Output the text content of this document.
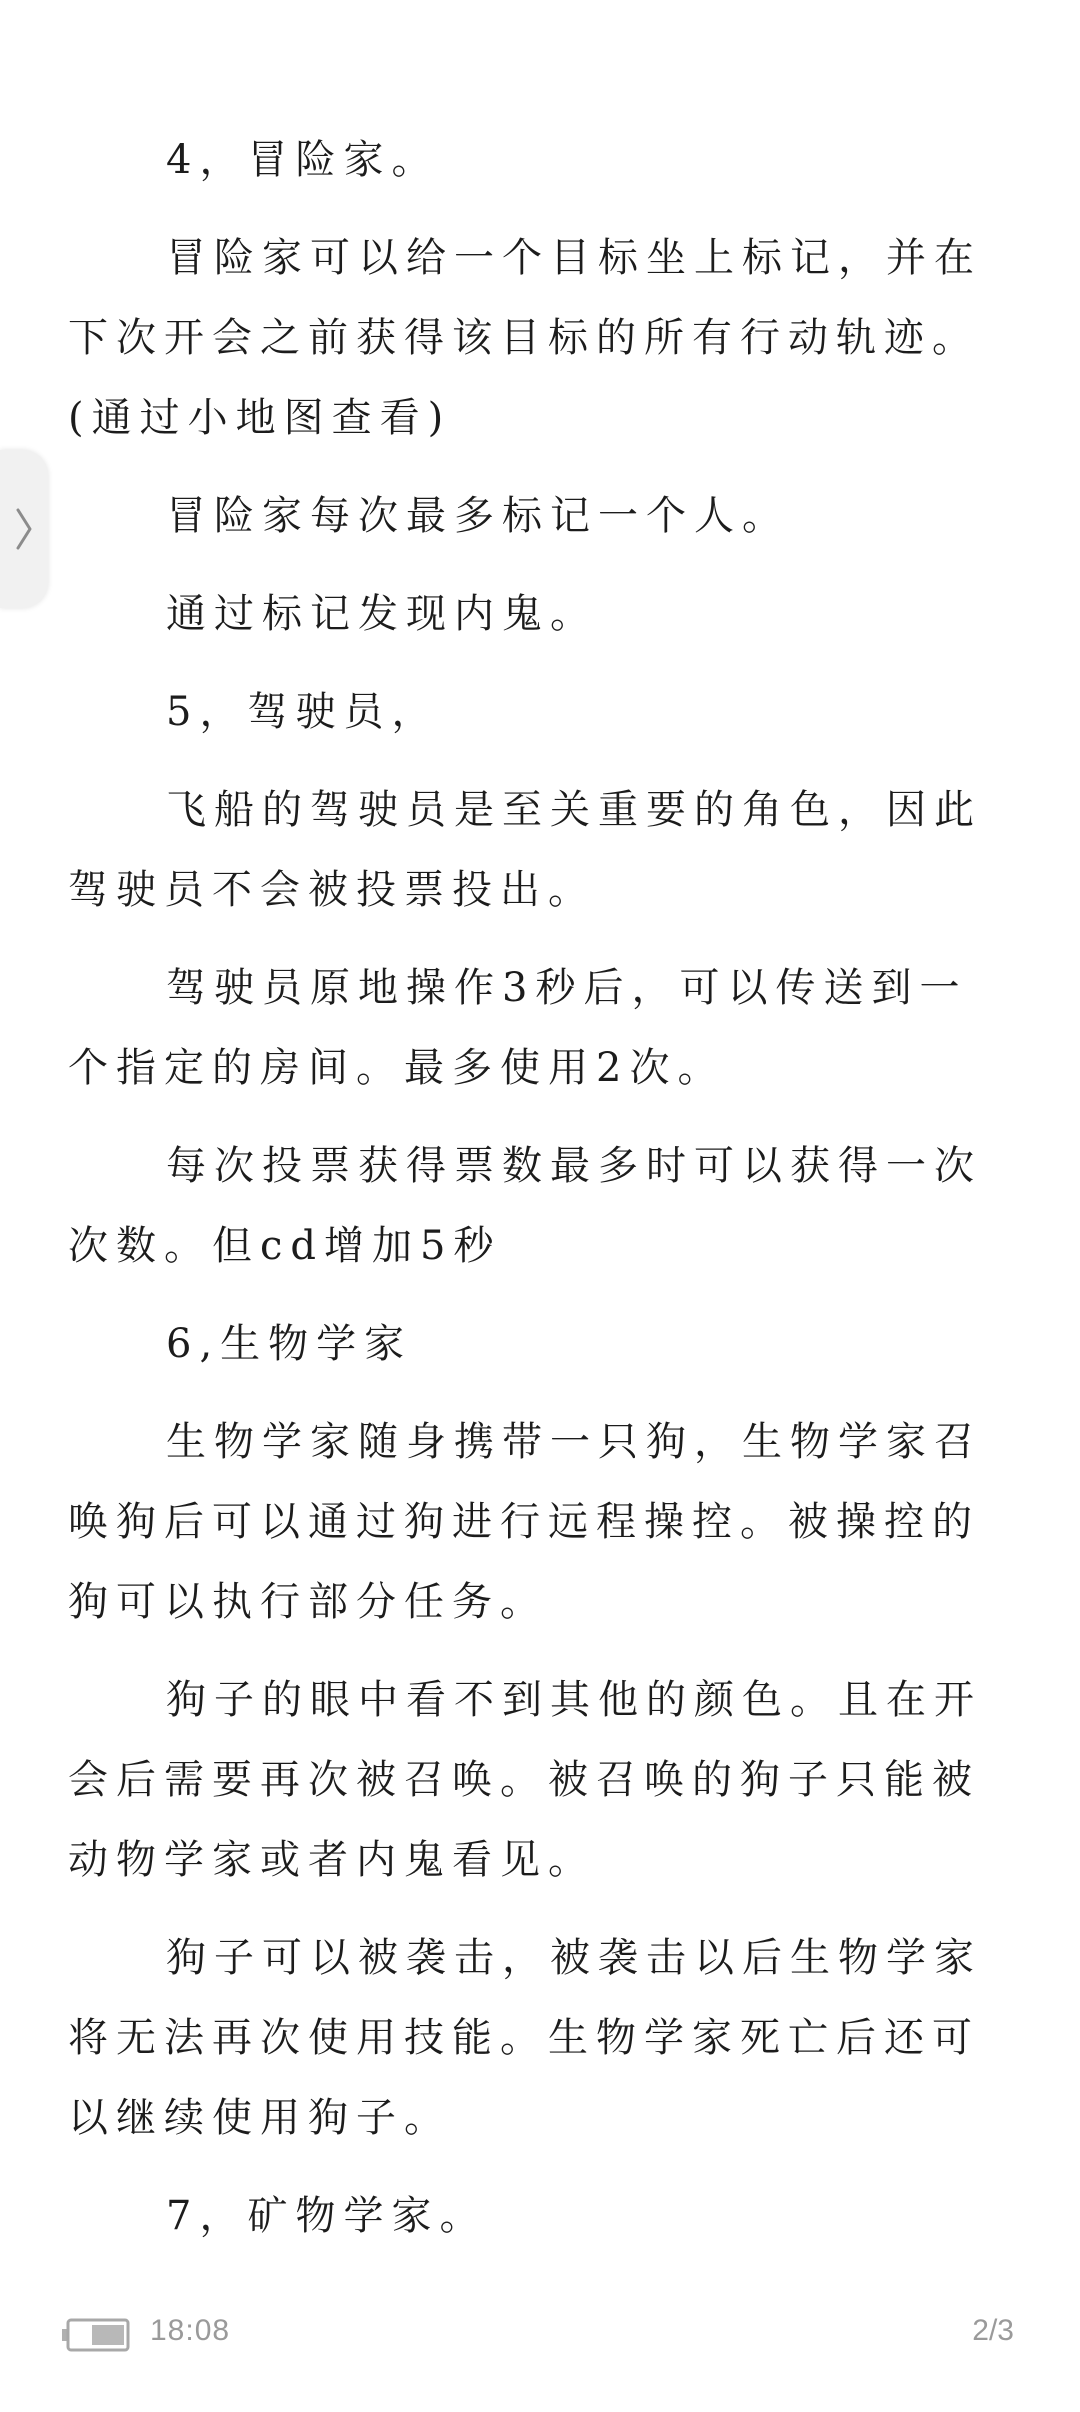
4，冒险家。

冒险家可以给一个目标坐上标记，并在下次开会之前获得该目标的所有行动轨迹。(通过小地图查看)

冒险家每次最多标记一个人。

通过标记发现内鬼。

5，驾驶员，

飞船的驾驶员是至关重要的角色，因此驾驶员不会被投票投出。

驾驶员原地操作3秒后，可以传送到一个指定的房间。最多使用2次。

每次投票获得票数最多时可以获得一次次数。但cd增加5秒

6,生物学家

生物学家随身携带一只狗，生物学家召唤狗后可以通过狗进行远程操控。被操控的狗可以执行部分任务。

狗子的眼中看不到其他的颜色。且在开会后需要再次被召唤。被召唤的狗子只能被动物学家或者内鬼看见。

狗子可以被袭击，被袭击以后生物学家将无法再次使用技能。生物学家死亡后还可以继续使用狗子。

7，矿物学家。

18:08	2/3
